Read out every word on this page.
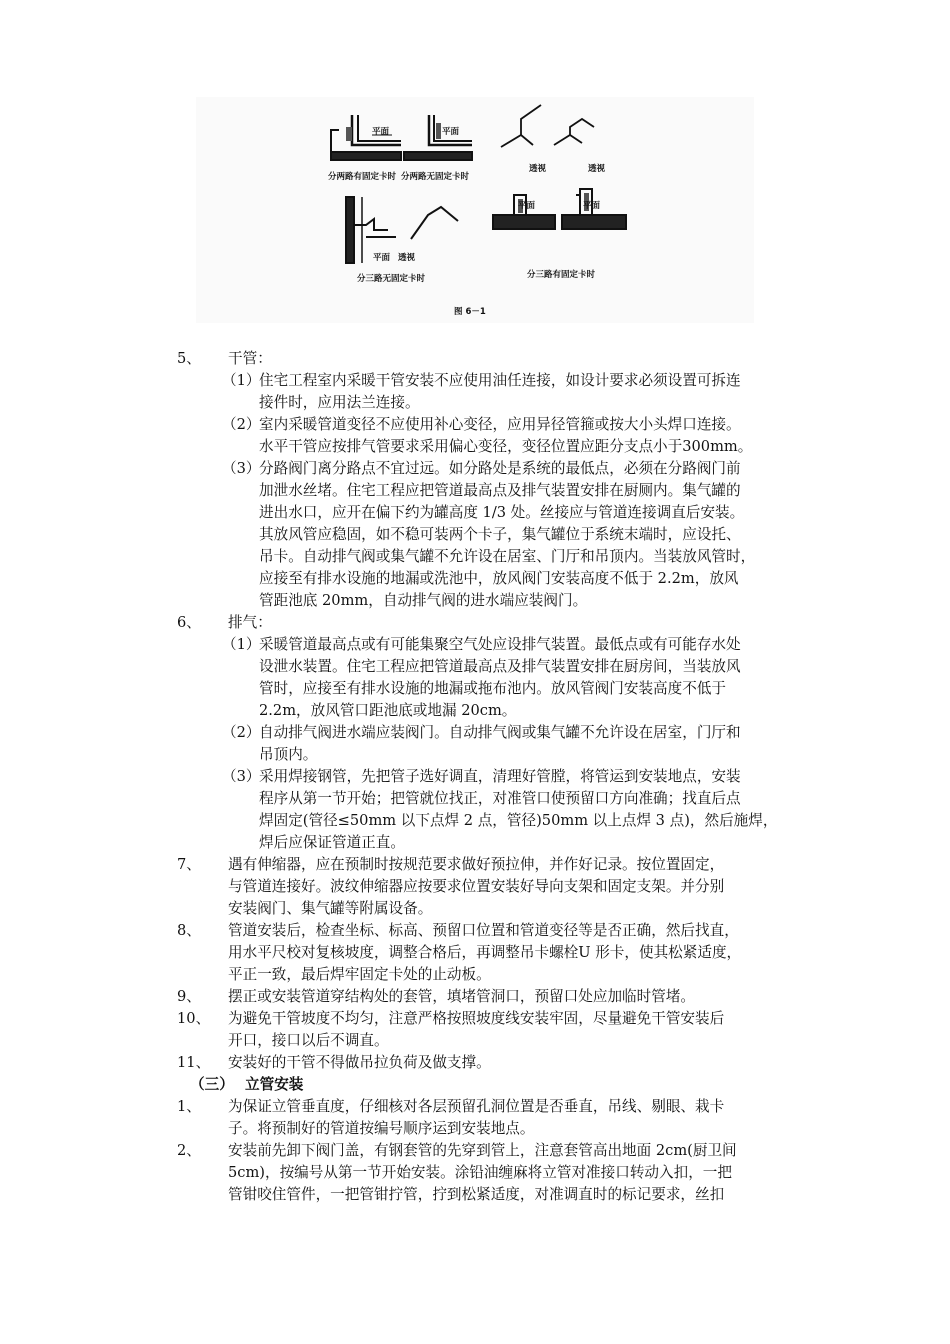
平面	平面
透视	透视
平面	平面
平面 透视
分两路有固定卡时 分两路无固定卡时
分三路无固定卡时	分三路有固定卡时
图 6－1
5、 干管：
（1）
住宅工程室内采暖干管安装不应使用油任连接，如设计要求必须设置可拆连
接件时，应用法兰连接。
（2）
室内采暖管道变径不应使用补心变径，应用异径管箍或按大小头焊口连接。
水平干管应按排气管要求采用偏心变径，变径位置应距分支点小于300mm。
（3）
分路阀门离分路点不宜过远。如分路处是系统的最低点，必须在分路阀门前
加泄水丝堵。住宅工程应把管道最高点及排气装置安排在厨厕内。集气罐的
进出水口，应开在偏下约为罐高度 1/3 处。丝接应与管道连接调直后安装。
其放风管应稳固，如不稳可装两个卡子，集气罐位于系统末端时，应设托、
吊卡。自动排气阀或集气罐不允许设在居室、门厅和吊顶内。当装放风管时，
应接至有排水设施的地漏或洗池中，放风阀门安装高度不低于 2.2m，放风
管距池底 20mm，自动排气阀的进水端应装阀门。
6、 排气：
（1）
采暖管道最高点或有可能集聚空气处应设排气装置。最低点或有可能存水处
设泄水装置。住宅工程应把管道最高点及排气装置安排在厨房间，当装放风
管时，应接至有排水设施的地漏或拖布池内。放风管阀门安装高度不低于
2.2m，放风管口距池底或地漏 20cm。
（2）
自动排气阀进水端应装阀门。自动排气阀或集气罐不允许设在居室，门厅和
吊顶内。
（3）
采用焊接钢管，先把管子选好调直，清理好管膛，将管运到安装地点，安装
程序从第一节开始；把管就位找正，对准管口使预留口方向准确；找直后点
焊固定(管径≤50mm 以下点焊 2 点，管径)50mm 以上点焊 3 点)，然后施焊，
焊后应保证管道正直。
7、 遇有伸缩器，应在预制时按规范要求做好预拉伸，并作好记录。按位置固定，
与管道连接好。波纹伸缩器应按要求位置安装好导向支架和固定支架。并分别
安装阀门、集气罐等附属设备。
8、 管道安装后，检查坐标、标高、预留口位置和管道变径等是否正确，然后找直，
用水平尺校对复核坡度，调整合格后，再调整吊卡螺栓U 形卡，使其松紧适度，
平正一致，最后焊牢固定卡处的止动板。
9、 摆正或安装管道穿结构处的套管，填堵管洞口，预留口处应加临时管堵。
10、 为避免干管坡度不均匀，注意严格按照坡度线安装牢固，尽量避免干管安装后
开口，接口以后不调直。
11、 安装好的干管不得做吊拉负荷及做支撑。
（三） 立管安装
1、 为保证立管垂直度，仔细核对各层预留孔洞位置是否垂直，吊线、剔眼、栽卡
子。将预制好的管道按编号顺序运到安装地点。
2、 安装前先卸下阀门盖，有钢套管的先穿到管上，注意套管高出地面 2cm(厨卫间
5cm)，按编号从第一节开始安装。涂铅油缠麻将立管对准接口转动入扣，一把
管钳咬住管件，一把管钳拧管，拧到松紧适度，对准调直时的标记要求，丝扣
